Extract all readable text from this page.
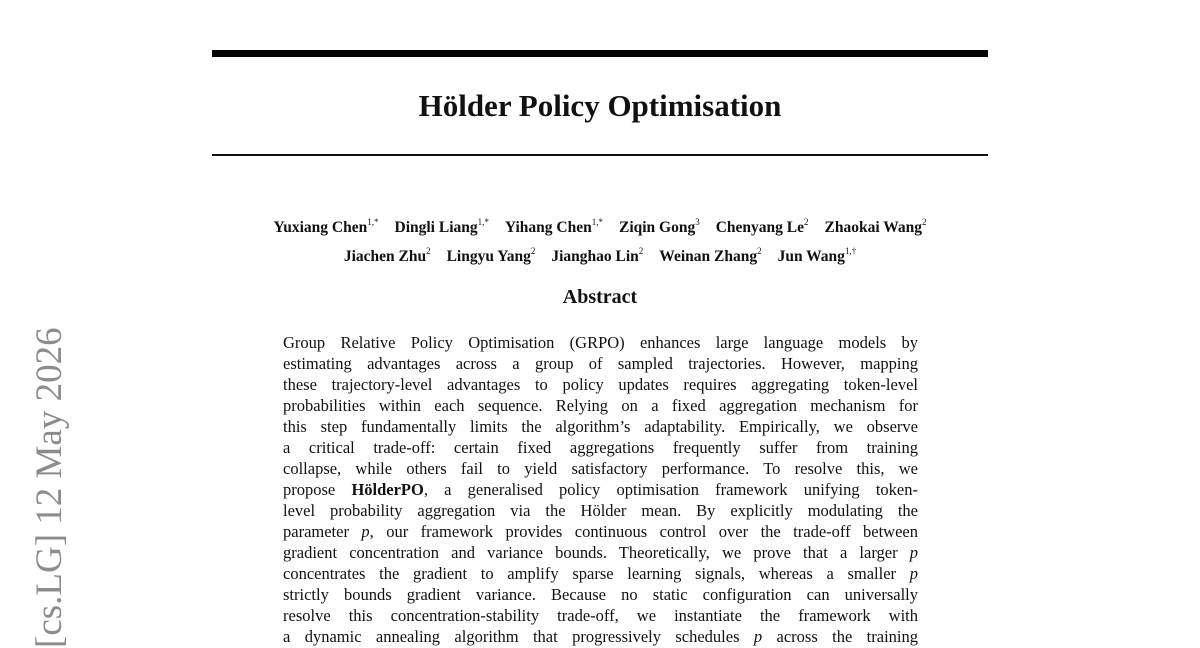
Hölder Policy Optimisation
Yuxiang Chen$^{1,*}$ Dingli Liang$^{1,*}$ Yihang Chen$^{1,*}$ Ziqin Gong$^3$ Chenyang Le$^2$ Zhaokai Wang$^2$
Jiachen Zhu$^2$ Lingyu Yang$^2$ Jianghao Lin$^2$ Weinan Zhang$^2$ Jun Wang$^{1,\dagger}$
Abstract
Group Relative Policy Optimisation (GRPO) enhances large language models by
estimating advantages across a group of sampled trajectories. However, mapping
these trajectory-level advantages to policy updates requires aggregating token-level
probabilities within each sequence. Relying on a fixed aggregation mechanism for
this step fundamentally limits the algorithm’s adaptability. Empirically, we observe
a critical trade-off: certain fixed aggregations frequently suffer from training
collapse, while others fail to yield satisfactory performance. To resolve this, we
propose HölderPO, a generalised policy optimisation framework unifying token-
level probability aggregation via the Hölder mean. By explicitly modulating the
parameter p, our framework provides continuous control over the trade-off between
gradient concentration and variance bounds. Theoretically, we prove that a larger p
concentrates the gradient to amplify sparse learning signals, whereas a smaller p
strictly bounds gradient variance. Because no static configuration can universally
resolve this concentration-stability trade-off, we instantiate the framework with
a dynamic annealing algorithm that progressively schedules p across the training
[cs.LG] 12 May 2026
